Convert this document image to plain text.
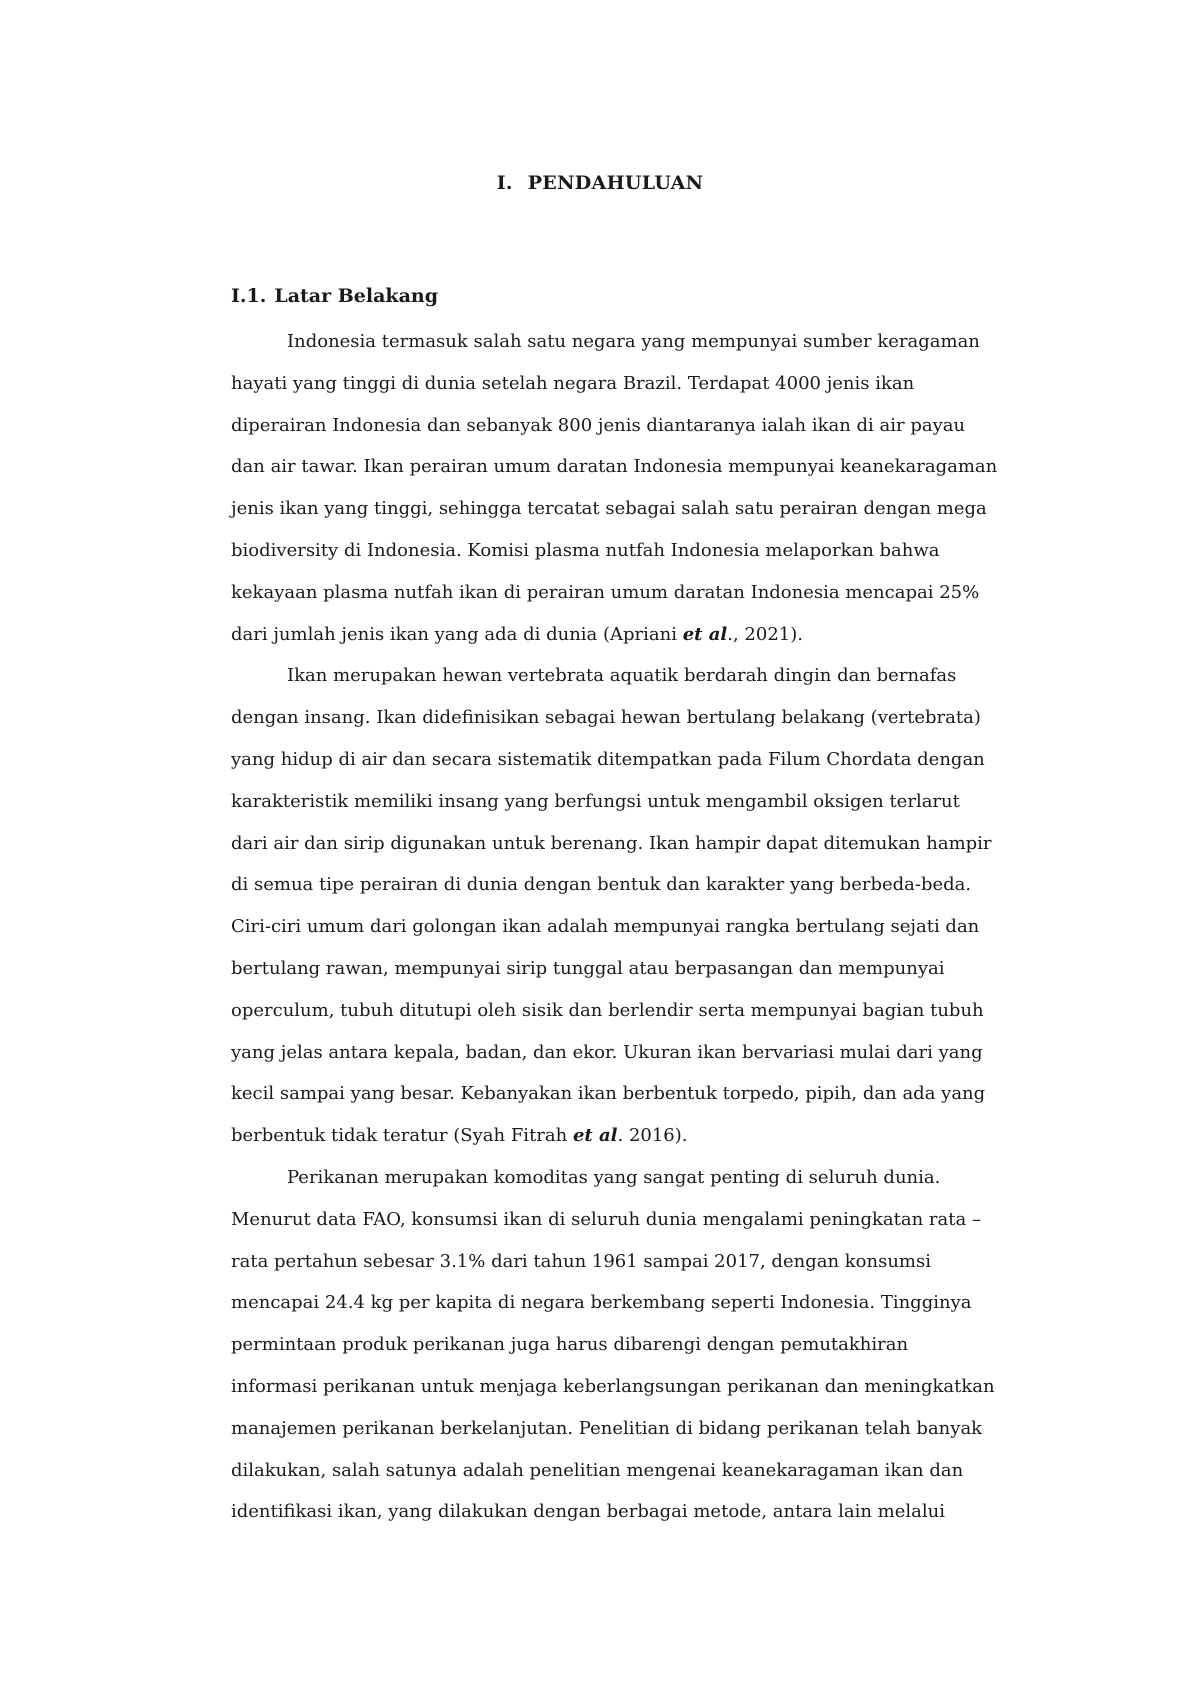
I. PENDAHULUAN
I.1. Latar Belakang
Indonesia termasuk salah satu negara yang mempunyai sumber keragaman
hayati yang tinggi di dunia setelah negara Brazil. Terdapat 4000 jenis ikan
diperairan Indonesia dan sebanyak 800 jenis diantaranya ialah ikan di air payau
dan air tawar. Ikan perairan umum daratan Indonesia mempunyai keanekaragaman
jenis ikan yang tinggi, sehingga tercatat sebagai salah satu perairan dengan mega
biodiversity di Indonesia. Komisi plasma nutfah Indonesia melaporkan bahwa
kekayaan plasma nutfah ikan di perairan umum daratan Indonesia mencapai 25%
dari jumlah jenis ikan yang ada di dunia (Apriani et al., 2021).
Ikan merupakan hewan vertebrata aquatik berdarah dingin dan bernafas
dengan insang. Ikan didefinisikan sebagai hewan bertulang belakang (vertebrata)
yang hidup di air dan secara sistematik ditempatkan pada Filum Chordata dengan
karakteristik memiliki insang yang berfungsi untuk mengambil oksigen terlarut
dari air dan sirip digunakan untuk berenang. Ikan hampir dapat ditemukan hampir
di semua tipe perairan di dunia dengan bentuk dan karakter yang berbeda-beda.
Ciri-ciri umum dari golongan ikan adalah mempunyai rangka bertulang sejati dan
bertulang rawan, mempunyai sirip tunggal atau berpasangan dan mempunyai
operculum, tubuh ditutupi oleh sisik dan berlendir serta mempunyai bagian tubuh
yang jelas antara kepala, badan, dan ekor. Ukuran ikan bervariasi mulai dari yang
kecil sampai yang besar. Kebanyakan ikan berbentuk torpedo, pipih, dan ada yang
berbentuk tidak teratur (Syah Fitrah et al. 2016).
Perikanan merupakan komoditas yang sangat penting di seluruh dunia.
Menurut data FAO, konsumsi ikan di seluruh dunia mengalami peningkatan rata –
rata pertahun sebesar 3.1% dari tahun 1961 sampai 2017, dengan konsumsi
mencapai 24.4 kg per kapita di negara berkembang seperti Indonesia. Tingginya
permintaan produk perikanan juga harus dibarengi dengan pemutakhiran
informasi perikanan untuk menjaga keberlangsungan perikanan dan meningkatkan
manajemen perikanan berkelanjutan. Penelitian di bidang perikanan telah banyak
dilakukan, salah satunya adalah penelitian mengenai keanekaragaman ikan dan
identifikasi ikan, yang dilakukan dengan berbagai metode, antara lain melalui
